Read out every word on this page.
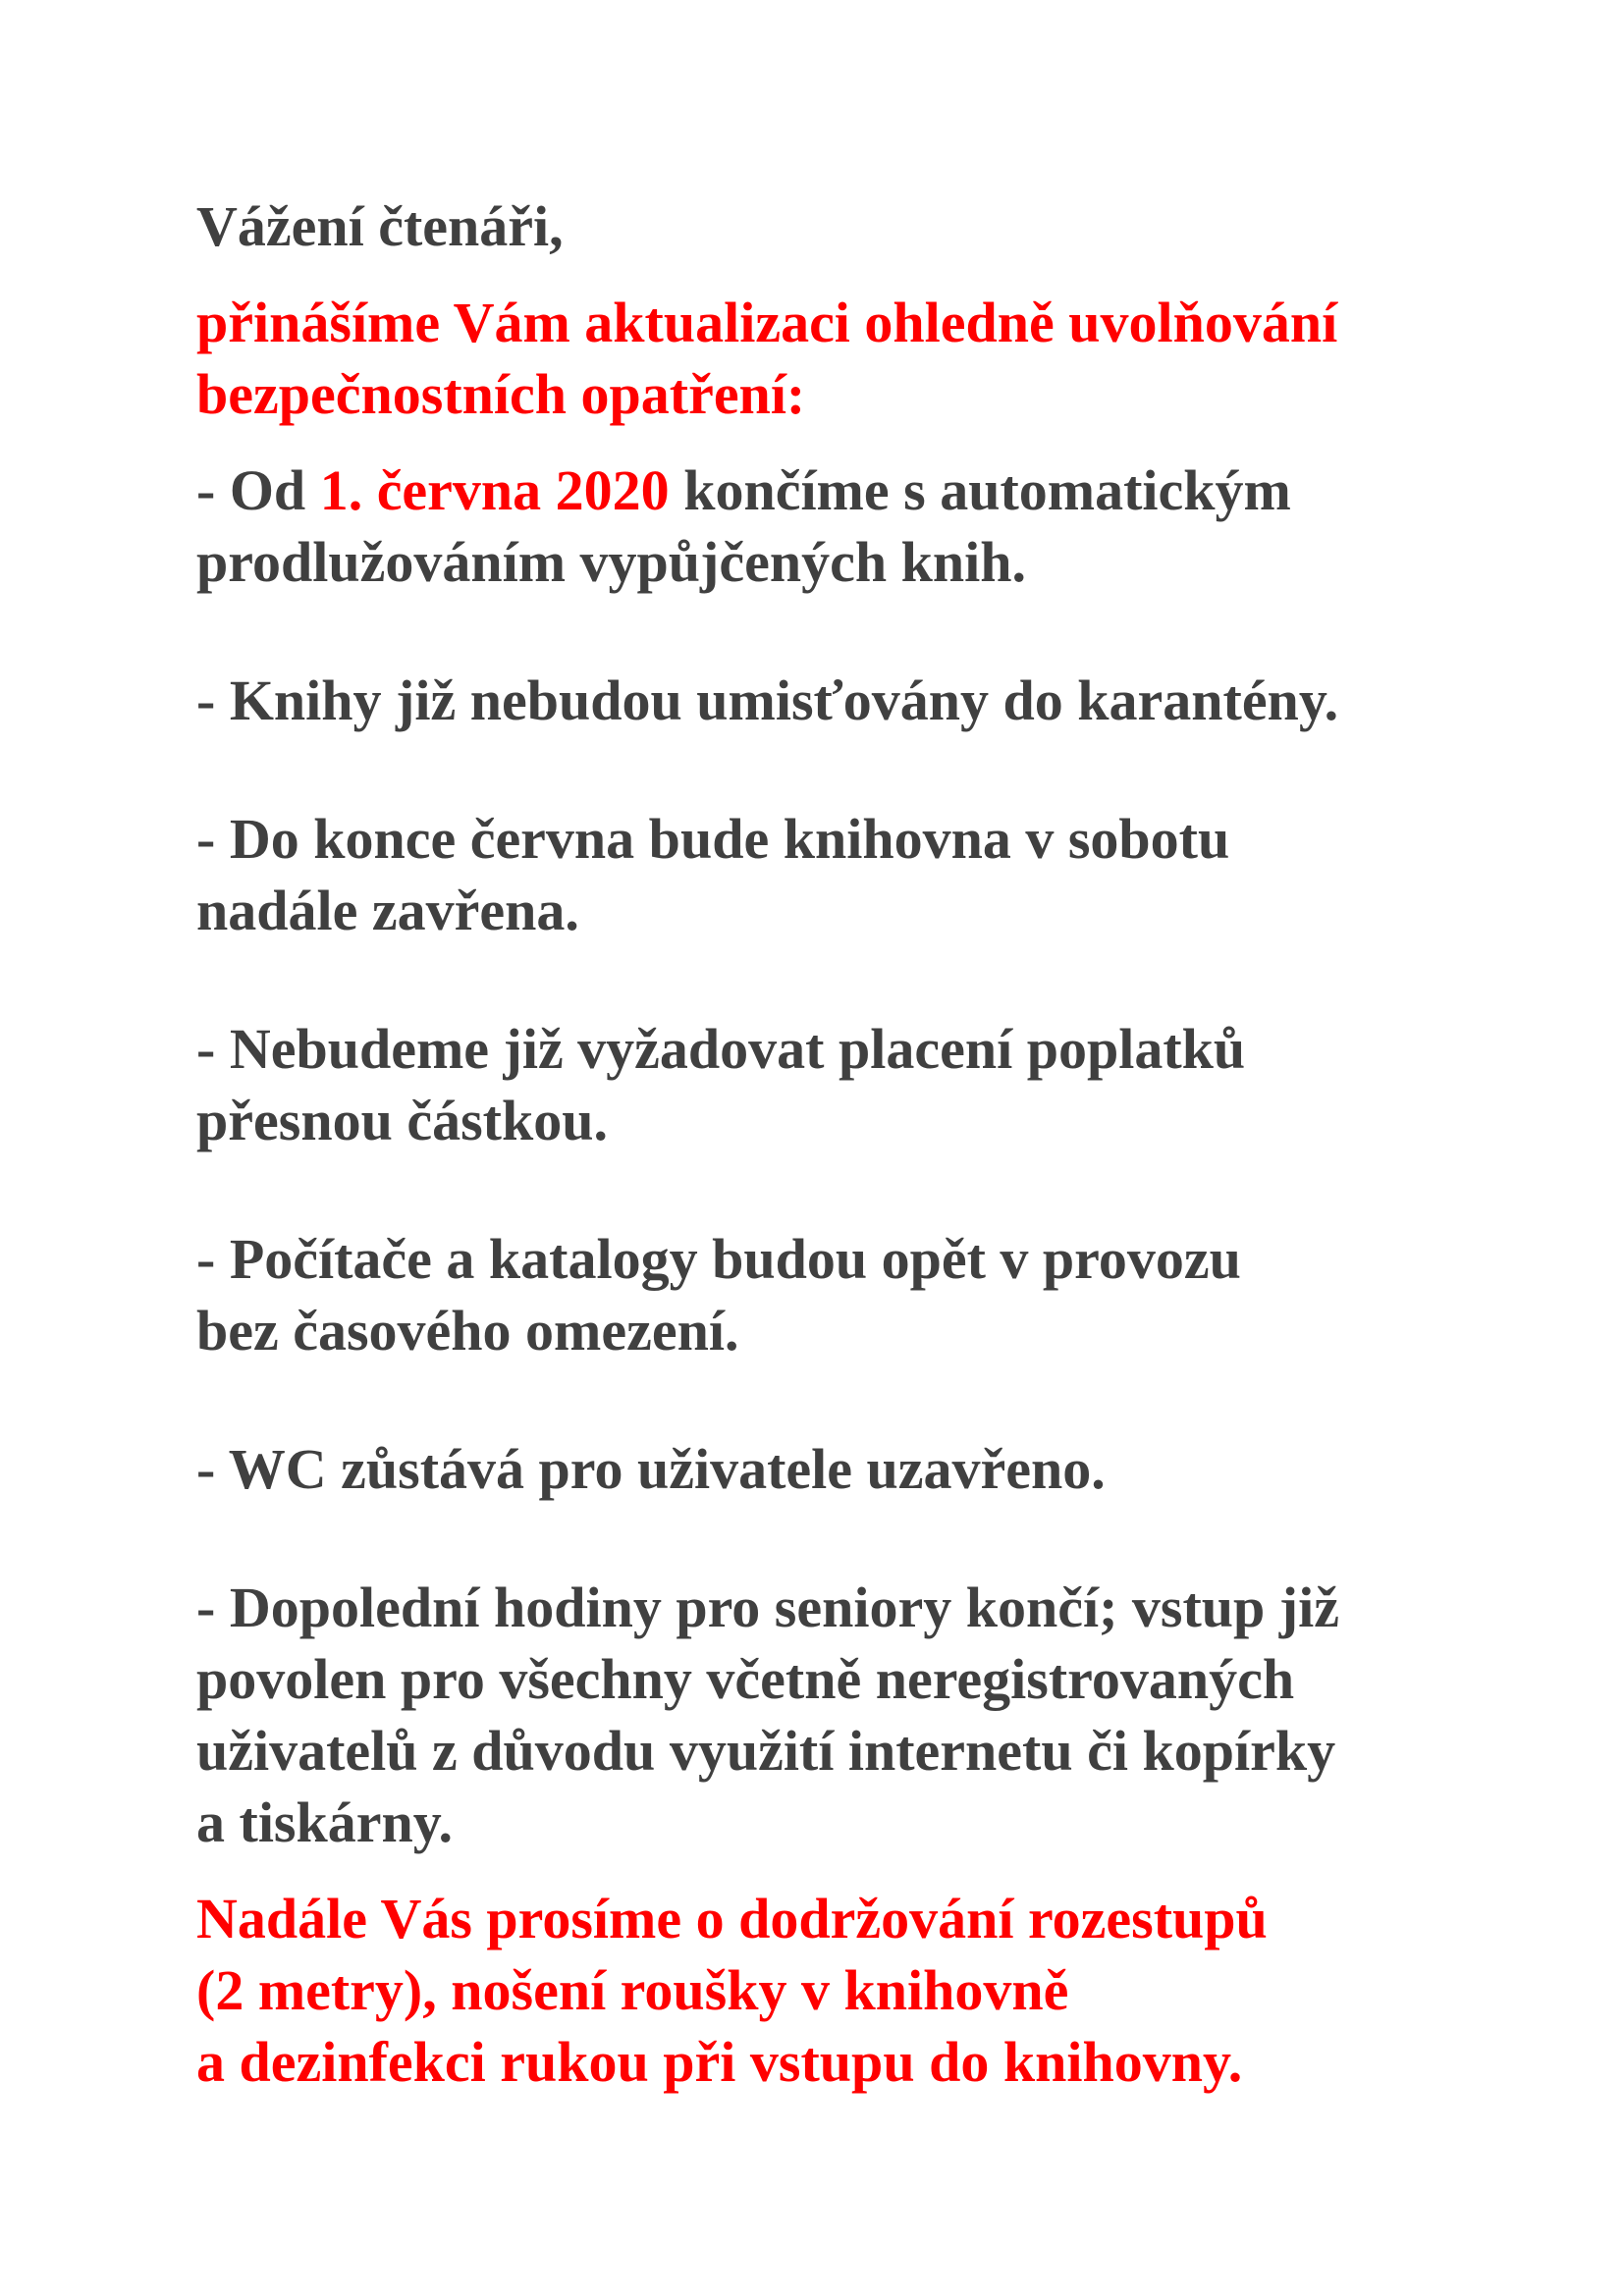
Vážení čtenáři,

přinášíme Vám aktualizaci ohledně uvolňování
bezpečnostních opatření:

- Od 1. června 2020 končíme s automatickým
prodlužováním vypůjčených knih.

- Knihy již nebudou umisťovány do karantény.

- Do konce června bude knihovna v sobotu
nadále zavřena.

- Nebudeme již vyžadovat placení poplatků
přesnou částkou.

- Počítače a katalogy budou opět v provozu
bez časového omezení.

- WC zůstává pro uživatele uzavřeno.

- Dopolední hodiny pro seniory končí; vstup již
povolen pro všechny včetně neregistrovaných
uživatelů z důvodu využití internetu či kopírky
a tiskárny.

Nadále Vás prosíme o dodržování rozestupů
(2 metry), nošení roušky v knihovně
a dezinfekci rukou při vstupu do knihovny.
